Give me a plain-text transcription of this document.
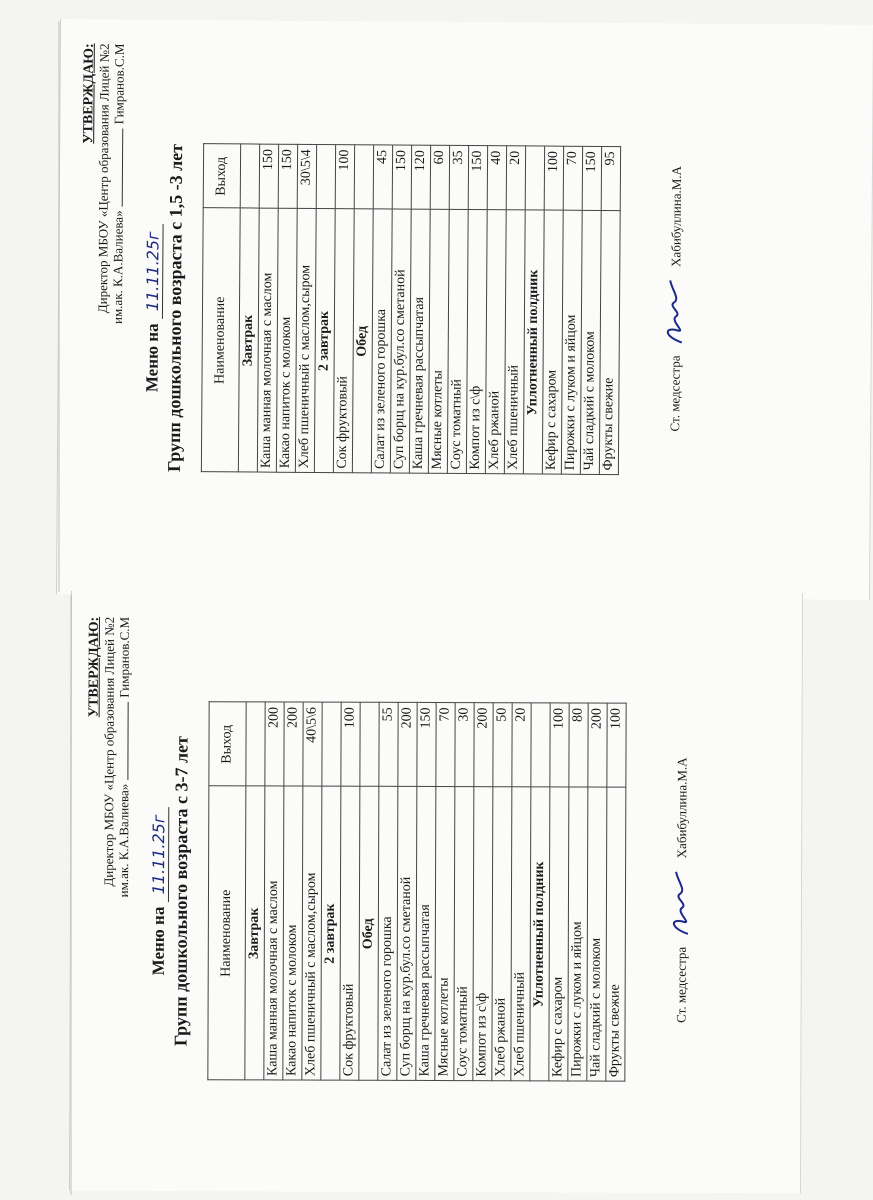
УТВЕРЖДАЮ:
Директор МБОУ «Центр образования Лицей №2
им.ак. К.А.Валиева»Гимранов.С.М
Меню на 11.11.25г Групп дошкольного возраста с 1,5 -3 лет Наименование	Выход
Завтрак	
Каша манная молочная с маслом	150
Какао напиток с молоком	150
Хлеб пшеничный с маслом,сыром	30\5\4
2 завтрак	
Сок фруктовый	100
Обед	
Салат из зеленого горошка	45
Суп борщ на кур.бул.со сметаной	150
Каша гречневая рассыпчатая	120
Мясные котлеты	60
Соус томатный	35
Компот из с\ф	150
Хлеб ржаной	40
Хлеб пшеничный	20
Уплотненный полдник	
Кефир с сахаром	100
Пирожки с луком и яйцом	70
Чай сладкий с молоком	150
Фрукты свежие	95
Ст. медсестра  Хабибуллина.М.А
УТВЕРЖДАЮ: Директор МБОУ «Центр образования Лицей №2 им.ак. К.А.Валиева»Гимранов.С.М
Меню на 11.11.25г Групп дошкольного возраста с 3-7 лет Наименование	Выход
Завтрак	
Каша манная молочная с маслом	200
Какао напиток с молоком	200
Хлеб пшеничный с маслом,сыром	40\5\6
2 завтрак	
Сок фруктовый	100
Обед	
Салат из зеленого горошка	55
Суп борщ на кур.бул.со сметаной	200
Каша гречневая рассыпчатая	150
Мясные котлеты	70
Соус томатный	30
Компот из с\ф	200
Хлеб ржаной	50
Хлеб пшеничный	20
Уплотненный полдник	
Кефир с сахаром	100
Пирожки с луком и яйцом	80
Чай сладкий с молоком	200
Фрукты свежие	100
Ст. медсестра  Хабибуллина.М.А
